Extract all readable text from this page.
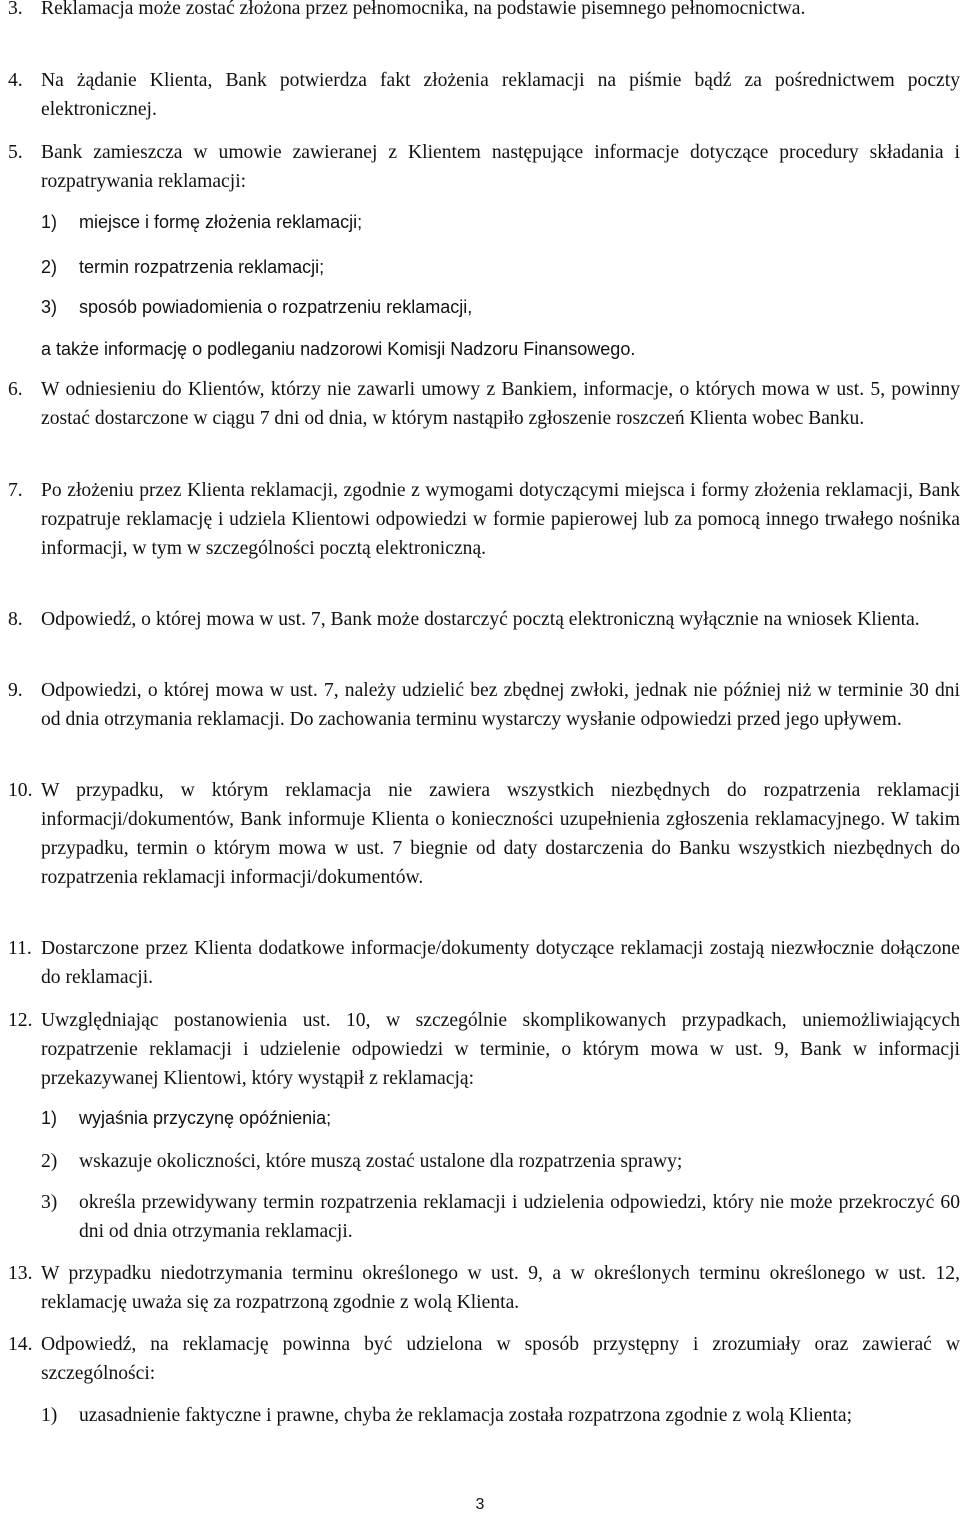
3. Reklamacja może zostać złożona przez pełnomocnika, na podstawie pisemnego pełnomocnictwa.
4. Na żądanie Klienta, Bank potwierdza fakt złożenia reklamacji na piśmie bądź za pośrednictwem poczty elektronicznej.
5. Bank zamieszcza w umowie zawieranej z Klientem następujące informacje dotyczące procedury składania i rozpatrywania reklamacji:
1) miejsce i formę złożenia reklamacji;
2) termin rozpatrzenia reklamacji;
3) sposób powiadomienia o rozpatrzeniu reklamacji,
a także informację o podleganiu nadzorowi Komisji Nadzoru Finansowego.
6. W odniesieniu do Klientów, którzy nie zawarli umowy z Bankiem, informacje, o których mowa w ust. 5, powinny zostać dostarczone w ciągu 7 dni od dnia, w którym nastąpiło zgłoszenie roszczeń Klienta wobec Banku.
7. Po złożeniu przez Klienta reklamacji, zgodnie z wymogami dotyczącymi miejsca i formy złożenia reklamacji, Bank rozpatruje reklamację i udziela Klientowi odpowiedzi w formie papierowej lub za pomocą innego trwałego nośnika informacji, w tym w szczególności pocztą elektroniczną.
8. Odpowiedź, o której mowa w ust. 7, Bank może dostarczyć pocztą elektroniczną wyłącznie na wniosek Klienta.
9. Odpowiedzi, o której mowa w ust. 7, należy udzielić bez zbędnej zwłoki, jednak nie później niż w terminie 30 dni od dnia otrzymania reklamacji. Do zachowania terminu wystarczy wysłanie odpowiedzi przed jego upływem.
10. W przypadku, w którym reklamacja nie zawiera wszystkich niezbędnych do rozpatrzenia reklamacji informacji/dokumentów, Bank informuje Klienta o konieczności uzupełnienia zgłoszenia reklamacyjnego. W takim przypadku, termin o którym mowa w ust. 7 biegnie od daty dostarczenia do Banku wszystkich niezbędnych do rozpatrzenia reklamacji informacji/dokumentów.
11. Dostarczone przez Klienta dodatkowe informacje/dokumenty dotyczące reklamacji zostają niezwłocznie dołączone do reklamacji.
12. Uwzględniając postanowienia ust. 10, w szczególnie skomplikowanych przypadkach, uniemożliwiających rozpatrzenie reklamacji i udzielenie odpowiedzi w terminie, o którym mowa w ust. 9, Bank w informacji przekazywanej Klientowi, który wystąpił z reklamacją:
1) wyjaśnia przyczynę opóźnienia;
2) wskazuje okoliczności, które muszą zostać ustalone dla rozpatrzenia sprawy;
3) określa przewidywany termin rozpatrzenia reklamacji i udzielenia odpowiedzi, który nie może przekroczyć 60 dni od dnia otrzymania reklamacji.
13. W przypadku niedotrzymania terminu określonego w ust. 9, a w określonych terminu określonego w ust. 12, reklamację uważa się za rozpatrzoną zgodnie z wolą Klienta.
14. Odpowiedź, na reklamację powinna być udzielona w sposób przystępny i zrozumiały oraz zawierać w szczególności:
1) uzasadnienie faktyczne i prawne, chyba że reklamacja została rozpatrzona zgodnie z wolą Klienta;
3
